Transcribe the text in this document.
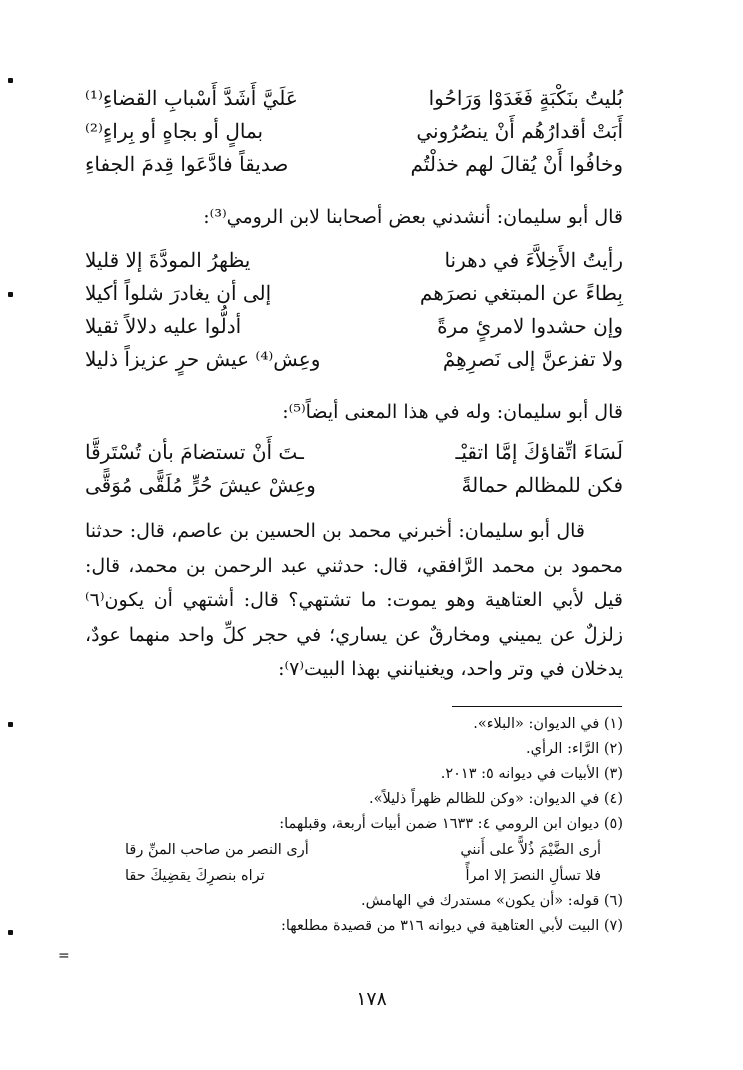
بُليتُ بنَكْبَةٍ فَغَدَوْا وَرَاحُوا
عَلَيَّ أَشَدَّ أَسْبابِ القضاءِ⁽¹⁾
أَبَتْ أقدارُهُم أَنْ ينصُرُوني
بمالٍ أو بجاهٍ أو بِراءٍ⁽²⁾
وخافُوا أَنْ يُقالَ لهم خذلْتُم
صديقاً فادَّعَوا قِدمَ الجفاءِ
قال أبو سليمان: أنشدني بعض أصحابنا لابن الرومي⁽³⁾:
رأيتُ الأَخِلاَّءَ في دهرنا
يظهرُ المودَّةَ إلا قليلا
بِطاءً عن المبتغي نصرَهم
إلى أن يغادرَ شلواً أكيلا
وإن حشدوا لامرئٍ مرةً
أدلُّوا عليه دلالاً ثقيلا
ولا تفزعنَّ إلى نَصرِهِمْ
وعِش⁽⁴⁾ عيش حرٍ عزيزاً ذليلا
قال أبو سليمان: وله في هذا المعنى أيضاً⁽⁵⁾:
لَسَاءَ اتِّقاؤكَ إمَّا اتقيْـ
ـتَ أَنْ تستضامَ بأن تُسْتَرقَّا
فكن للمظالم حمالةً
وعِشْ عيشَ حُرٍّ مُلَقًّى مُوَقًّى
قال أبو سليمان: أخبرني محمد بن الحسين بن عاصم، قال: حدثنا محمود بن محمد الرَّافقي، قال: حدثني عبد الرحمن بن محمد، قال: قيل لأبي العتاهية وهو يموت: ما تشتهي؟ قال: أشتهي أن يكون⁽٦⁾ زلزلٌ عن يميني ومخارقٌ عن يساري؛ في حجر كلِّ واحد منهما عودٌ، يدخلان في وتر واحد، ويغنيانني بهذا البيت⁽٧⁾:
(١) في الديوان: «البلاء».
(٢) الرَّاء: الرأي.
(٣) الأبيات في ديوانه ٥: ٢٠١٣.
(٤) في الديوان: «وكن للظالم ظهراً ذليلاً».
(٥) ديوان ابن الرومي ٤: ١٦٣٣ ضمن أبيات أربعة، وقبلهما:
أرى الضَّيْمَ ذُلاًّ على أَنني
أرى النصر من صاحب المنِّ رقا
فلا تسألِ النصرَ إلا امرأً
تراه بنصرِكَ يقضِيكَ حقا
(٦) قوله: «أن يكون» مستدرك في الهامش.
(٧) البيت لأبي العتاهية في ديوانه ٣١٦ من قصيدة مطلعها:
=
١٧٨
